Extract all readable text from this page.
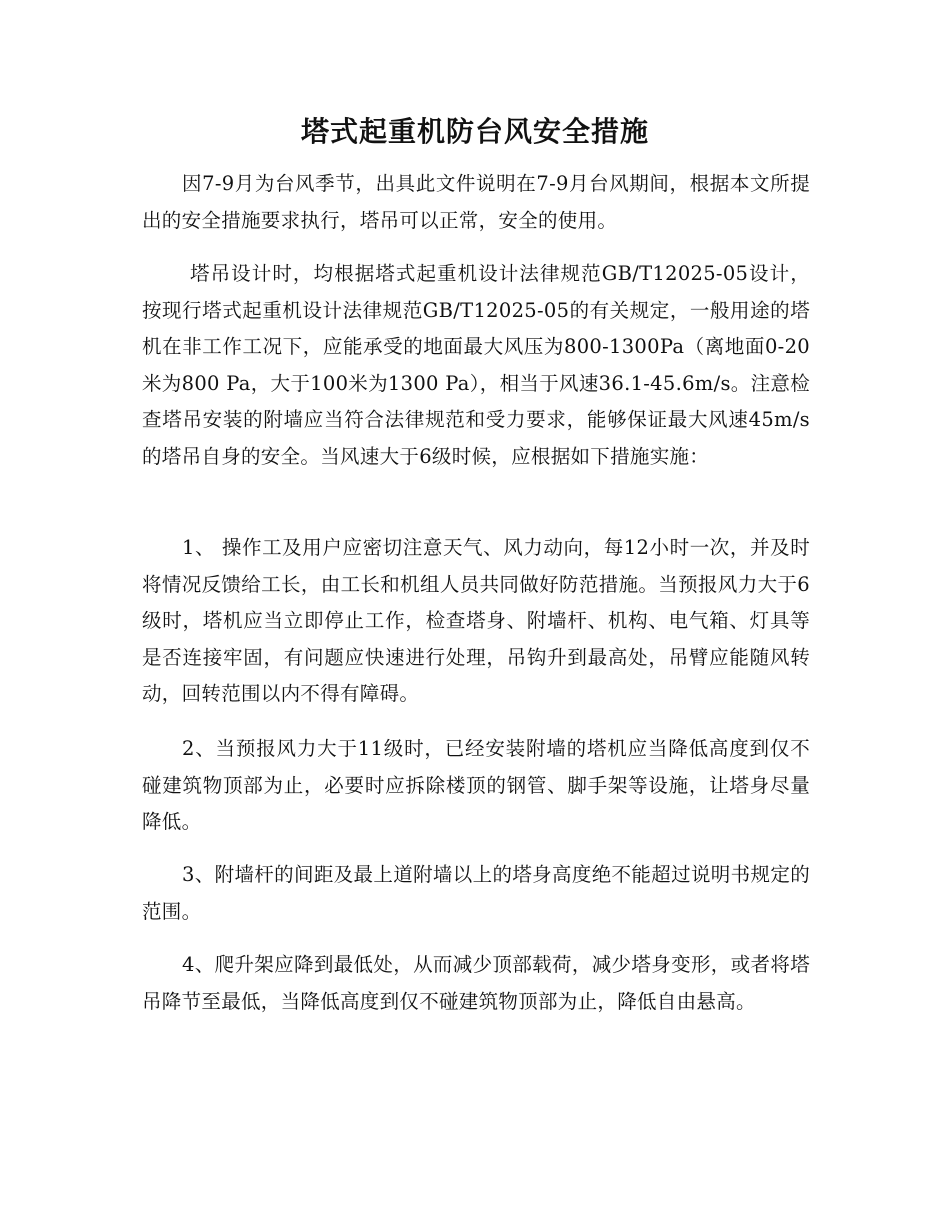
塔式起重机防台风安全措施

因7-9月为台风季节，出具此文件说明在7-9月台风期间，根据本文所提出的安全措施要求执行，塔吊可以正常，安全的使用。

塔吊设计时，均根据塔式起重机设计法律规范GB/T12025-05设计，按现行塔式起重机设计法律规范GB/T12025-05的有关规定，一般用途的塔机在非工作工况下，应能承受的地面最大风压为800-1300Pa（离地面0-20米为800 Pa，大于100米为1300 Pa），相当于风速36.1-45.6m/s。注意检查塔吊安装的附墙应当符合法律规范和受力要求，能够保证最大风速45m/s的塔吊自身的安全。当风速大于6级时候，应根据如下措施实施：

1、 操作工及用户应密切注意天气、风力动向，每12小时一次，并及时将情况反馈给工长，由工长和机组人员共同做好防范措施。当预报风力大于6级时，塔机应当立即停止工作，检查塔身、附墙杆、机构、电气箱、灯具等是否连接牢固，有问题应快速进行处理，吊钩升到最高处，吊臂应能随风转动，回转范围以内不得有障碍。

2、当预报风力大于11级时，已经安装附墙的塔机应当降低高度到仅不碰建筑物顶部为止，必要时应拆除楼顶的钢管、脚手架等设施，让塔身尽量降低。

3、附墙杆的间距及最上道附墙以上的塔身高度绝不能超过说明书规定的范围。

4、爬升架应降到最低处，从而减少顶部载荷，减少塔身变形，或者将塔吊降节至最低，当降低高度到仅不碰建筑物顶部为止，降低自由悬高。
